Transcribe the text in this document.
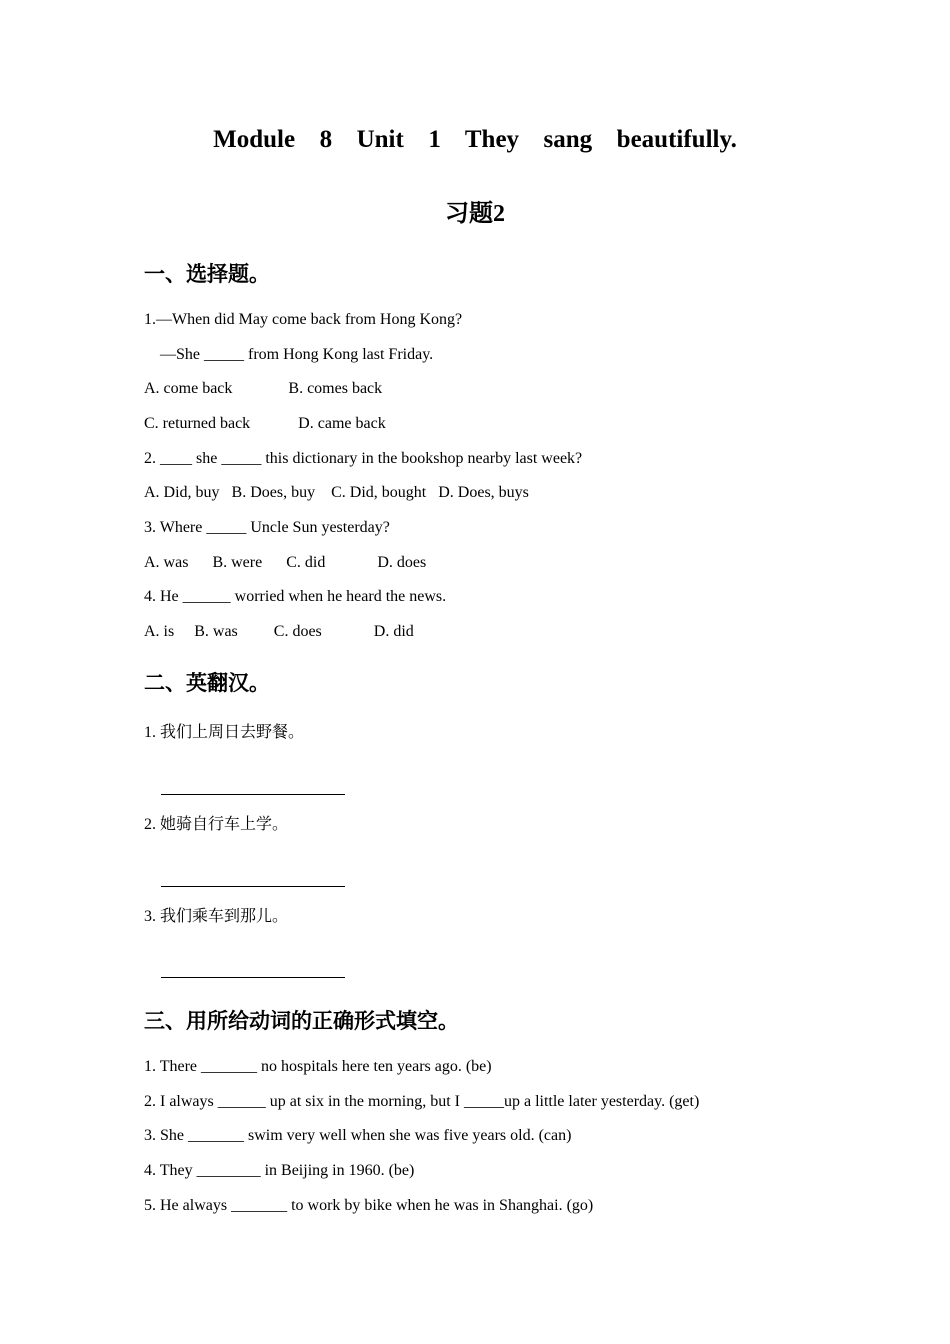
Module  8  Unit  1  They  sang  beautifully.
习题2
一、选择题。
1.—When did May come back from Hong Kong?
—She _____ from Hong Kong last Friday.
A. come back              B. comes back
C. returned back            D. came back
2. ____ she _____ this dictionary in the bookshop nearby last week?
A. Did, buy   B. Does, buy    C. Did, bought   D. Does, buys
3. Where _____ Uncle Sun yesterday?
A. was      B. were      C. did             D. does
4. He ______ worried when he heard the news.
A. is     B. was         C. does             D. did
二、英翻汉。
1. 我们上周日去野餐。
2. 她骑自行车上学。
3. 我们乘车到那儿。
三、用所给动词的正确形式填空。
1. There _______ no hospitals here ten years ago. (be)
2. I always ______ up at six in the morning, but I _____up a little later yesterday. (get)
3. She _______ swim very well when she was five years old. (can)
4. They ________ in Beijing in 1960. (be)
5. He always _______ to work by bike when he was in Shanghai. (go)
